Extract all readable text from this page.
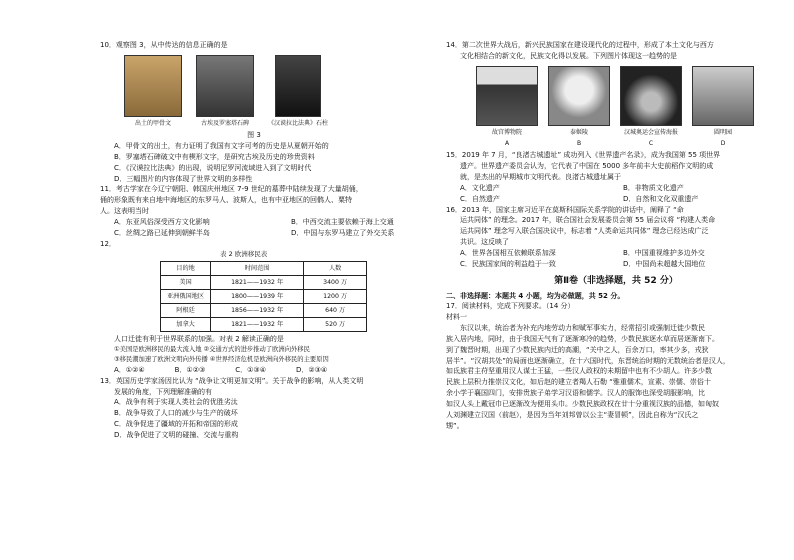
10．观察图 3，从中传达的信息正确的是
出土的甲骨文	古埃及罗塞塔石碑	《汉谟拉比法典》石柱
图 3
A．甲骨文的出土，有力证明了我国有文字可考的历史是从夏朝开始的
B．罗塞塔石碑破文中有楔形文字，是研究古埃及历史的珍贵资料
C．《汉谟拉比法典》的出现，说明尼罗河流域进入到了文明时代
D．三幅图片的内容体现了世界文明的多样性
11．考古学家在今辽宁朝阳、韩国庆州地区 7-9 世纪的墓葬中陆续发现了大量胡俑，
俑的形象既有来自地中海地区的东罗马人、波斯人，也有中亚地区的回鹘人、粟特
人。这表明当时
A．东亚风俗深受西方文化影响	B．中西交流主要依赖于海上交通
C．丝绸之路已延伸到朝鲜半岛	D．中国与东罗马建立了外交关系
12．
表 2 欧洲移民表
目的地	时间范围	人数
美国	1821——1932 年	3400 万
亚洲俄国地区	1800——1939 年	1200 万
阿根廷	1856——1932 年	640 万
加拿大	1821——1932 年	520 万
人口迁徙有利于世界联系的加强。对表 2 解读正确的是
①美国是欧洲移民的最大流入地 ②交通方式的进步推动了欧洲向外移民
③移民潮加速了欧洲文明向外传播 ④世界经济危机是欧洲向外移民的主要原因
A．①②④	B．①②③	C．①③④	D．②③④
13．英国历史学家汤因比认为 “战争让文明更加文明”。关于战争的影响，从人类文明
发展的角度，下列理解准确的有
A．战争有利于实现人类社会的优胜劣汰
B．战争导致了人口的减少与生产的破坏
C．战争促进了疆域的开拓和帝国的形成
D．战争促进了文明的碰撞、交流与重构
14．第二次世界大战后，新兴民族国家在建设现代化的过程中，形成了本土文化与西方
文化相结合的新文化，民族文化得以发展。下列图片体现这一趋势的是
故宫博物院
A
泰姬陵
B
汉城奥运会宣传海报
C
圆明园
D
15．2019 年 7 月，“良渚古城遗址” 成功列入《世界遗产名录》，成为我国第 55 项世界
遗产。世界遗产委员会认为，它代表了中国在 5000 多年前丰大史前稻作文明的成
就，是杰出的早期城市文明代表。良渚古城遗址属于
A．文化遗产	B．非物质文化遗产
C．自然遗产	D．自然和文化双重遗产
16．2013 年，国家主席习近平在莫斯科国际关系学院的讲话中，阐释了 “命
运共同体” 的理念。2017 年，联合国社会发展委员会第 55 届会议将 “构建人类命
运共同体” 理念写入联合国决议中，标志着 “人类命运共同体” 理念已经达成广泛
共识。这反映了
A．世界各国相互依赖联系加深	B．中国重视维护多边外交
C．民族国家间的利益趋于一致	D．中国尚未超越大国地位
第Ⅱ卷（非选择题，共 52 分）
二、非选择题：本题共 4 小题，均为必做题，共 52 分。
17．阅读材料，完成下列要求。（14 分）
材料一
东汉以来，统治者为补充内地劳动力和赋军事实力，经常招引或强制迁徙少数民
族入居内地，同时，由于我国天气有了逐渐寒冷的趋势，少数民族逐水草而居逐渐南下。
到了魏晋时期，出现了少数民族内迁的高潮，“关中之人，百余万口，率其少多，戎狄
居半”。“汉胡共处”的局面也逐渐确立，在十六国时代，东晋统治时期的无数统治者是汉人，
如氐族君主苻坚重用汉人谋士王猛，一些汉人政权的未期留中也有不少胡人。许多少数
民族上层积力推崇汉文化，如后赵的建立者羯人石勒 “雅重儒术，宣素、崇儒、崇俗十
余小学于襄国四门，安排贵族子弟学习汉语和儒学。汉人的服饰也深受胡服影响，比
如汉人头上戴冠巾已逐渐改为便用头巾。少数民族政权在廿十分重视汉族的品德，如匈奴
人刘渊建立汉国（前赵），是因为当年刘邦曾以公主“妻冒顿”，因此自称为“汉氏之
甥”。
